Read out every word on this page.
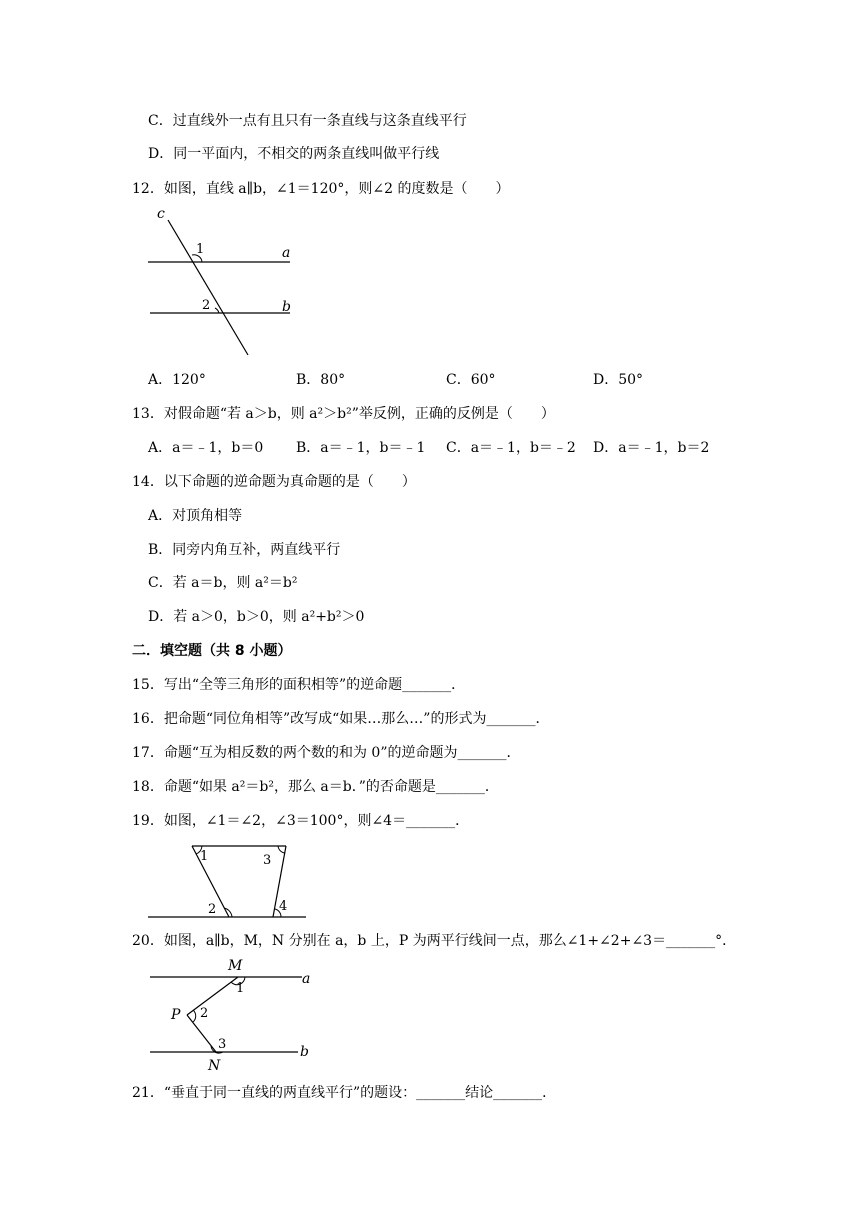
C．过直线外一点有且只有一条直线与这条直线平行
D．同一平面内，不相交的两条直线叫做平行线
12．如图，直线 a∥b，∠1＝120°，则∠2 的度数是（　　）
c
1	a
2	b
A．120°	B．80°	C．60°	D．50°
13．对假命题“若 a＞b，则 a²＞b²”举反例，正确的反例是（　　）
A．a＝﹣1，b＝0 B．a＝﹣1，b＝﹣1 C．a＝﹣1，b＝﹣2 D．a＝﹣1，b＝2
14．以下命题的逆命题为真命题的是（　　）
A．对顶角相等
B．同旁内角互补，两直线平行
C．若 a＝b，则 a²＝b²
D．若 a＞0，b＞0，则 a²+b²＞0
二．填空题（共 8 小题）
15．写出“全等三角形的面积相等”的逆命题_______．
16．把命题“同位角相等”改写成“如果…那么…”的形式为_______．
17．命题“互为相反数的两个数的和为 0”的逆命题为_______．
18．命题“如果 a²＝b²，那么 a＝b．”的否命题是_______．
19．如图，∠1＝∠2，∠3＝100°，则∠4＝_______．
1	3
2	4
20．如图，a∥b，M，N 分别在 a，b 上，P 为两平行线间一点，那么∠1+∠2+∠3＝_______°．
M
1
a
P 2
3
N
b
21．“垂直于同一直线的两直线平行”的题设：_______结论_______．
